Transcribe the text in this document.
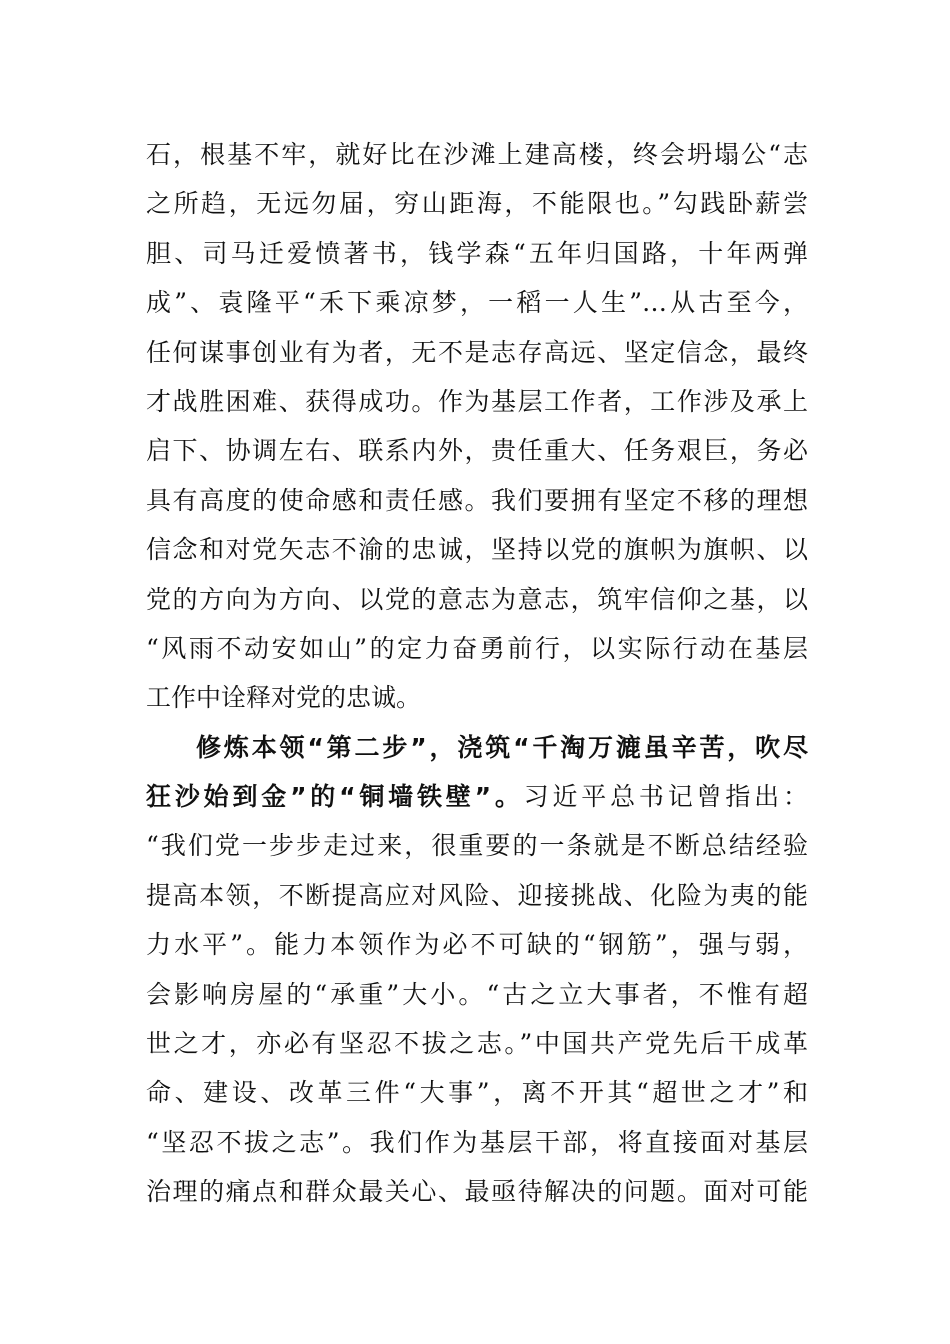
石，根基不牢，就好比在沙滩上建高楼，终会坍塌公“志
之所趋，无远勿届，穷山距海，不能限也。”勾践卧薪尝
胆、司马迁爱愤著书，钱学森“五年归国路，十年两弹
成”、袁隆平“禾下乘凉梦，一稻一人生”…从古至今，
任何谋事创业有为者，无不是志存高远、坚定信念，最终
才战胜困难、获得成功。作为基层工作者，工作涉及承上
启下、协调左右、联系内外，贵任重大、任务艰巨，务必
具有高度的使命感和责任感。我们要拥有坚定不移的理想
信念和对党矢志不渝的忠诚，坚持以党的旗帜为旗帜、以
党的方向为方向、以党的意志为意志，筑牢信仰之基，以
“风雨不动安如山”的定力奋勇前行，以实际行动在基层
工作中诠释对党的忠诚。
修炼本领“第二步”，浇筑“千淘万漉虽辛苦，吹尽
狂沙始到金”的“铜墙铁壁”。习近平总书记曾指出：
“我们党一步步走过来，很重要的一条就是不断总结经验
提高本领，不断提高应对风险、迎接挑战、化险为夷的能
力水平”。能力本领作为必不可缺的“钢筋”，强与弱，
会影响房屋的“承重”大小。“古之立大事者，不惟有超
世之才，亦必有坚忍不拔之志。”中国共产党先后干成革
命、建设、改革三件“大事”，离不开其“超世之才”和
“坚忍不拔之志”。我们作为基层干部，将直接面对基层
治理的痛点和群众最关心、最亟待解决的问题。面对可能
